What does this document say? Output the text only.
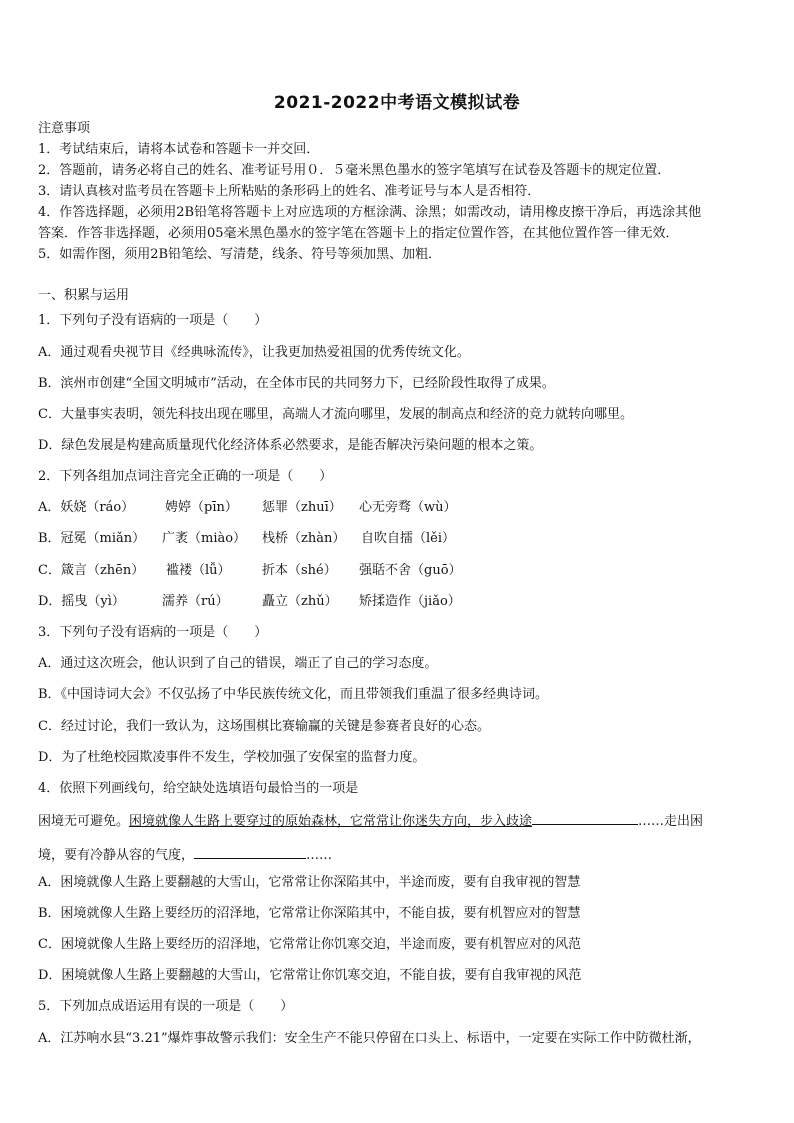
2021-2022中考语文模拟试卷
注意事项
1．考试结束后，请将本试卷和答题卡一并交回．
2．答题前，请务必将自己的姓名、准考证号用０．５毫米黑色墨水的签字笔填写在试卷及答题卡的规定位置．
3．请认真核对监考员在答题卡上所粘贴的条形码上的姓名、准考证号与本人是否相符．
4．作答选择题，必须用2B铅笔将答题卡上对应选项的方框涂满、涂黑；如需改动，请用橡皮擦干净后，再选涂其他
答案．作答非选择题，必须用05毫米黑色墨水的签字笔在答题卡上的指定位置作答，在其他位置作答一律无效．
5．如需作图，须用2B铅笔绘、写清楚，线条、符号等须加黑、加粗．
一、积累与运用
1．下列句子没有语病的一项是（　　）
A．通过观看央视节目《经典咏流传》，让我更加热爱祖国的优秀传统文化。
B．滨州市创建“全国文明城市”活动，在全体市民的共同努力下，已经阶段性取得了成果。
C．大量事实表明，领先科技出现在哪里，高端人才流向哪里，发展的制高点和经济的竞力就转向哪里。
D．绿色发展是构建高质量现代化经济体系必然要求，是能否解决污染问题的根本之策。
2．下列各组加点词注音完全正确的一项是（　　）
A．妖娆（ráo） 娉婷（pīn） 惩罪（zhuī） 心无旁骛（wù）
B．冠冕（miǎn） 广袤（miào） 栈桥（zhàn） 自吹自擂（lěi）
C．箴言（zhēn） 褴褛（lǚ） 折本（shé） 强聒不舍（guō）
D．摇曳（yì）	濡养（rú）	矗立（zhǔ） 矫揉造作（jiǎo）
3．下列句子没有语病的一项是（　　）
A．通过这次班会，他认识到了自己的错误，端正了自己的学习态度。
B．《中国诗词大会》不仅弘扬了中华民族传统文化，而且带领我们重温了很多经典诗词。
C．经过讨论，我们一致认为，这场围棋比赛输赢的关键是参赛者良好的心态。
D．为了杜绝校园欺凌事件不发生，学校加强了安保室的监督力度。
4．依照下列画线句，给空缺处选填语句最恰当的一项是
困境无可避免。困境就像人生路上要穿过的原始森林，它常常让你迷失方向，步入歧途	……走出困
境，要有冷静从容的气度，	……
A．困境就像人生路上要翻越的大雪山，它常常让你深陷其中，半途而废，要有自我审视的智慧
B．困境就像人生路上要经历的沼泽地，它常常让你深陷其中，不能自拔，要有机智应对的智慧
C．困境就像人生路上要经历的沼泽地，它常常让你饥寒交迫，半途而废，要有机智应对的风范
D．困境就像人生路上要翻越的大雪山，它常常让你饥寒交迫，不能自拔，要有自我审视的风范
5．下列加点成语运用有误的一项是（　　）
A．江苏响水县“3.21”爆炸事故警示我们：安全生产不能只停留在口头上、标语中，一定要在实际工作中防微杜渐，
